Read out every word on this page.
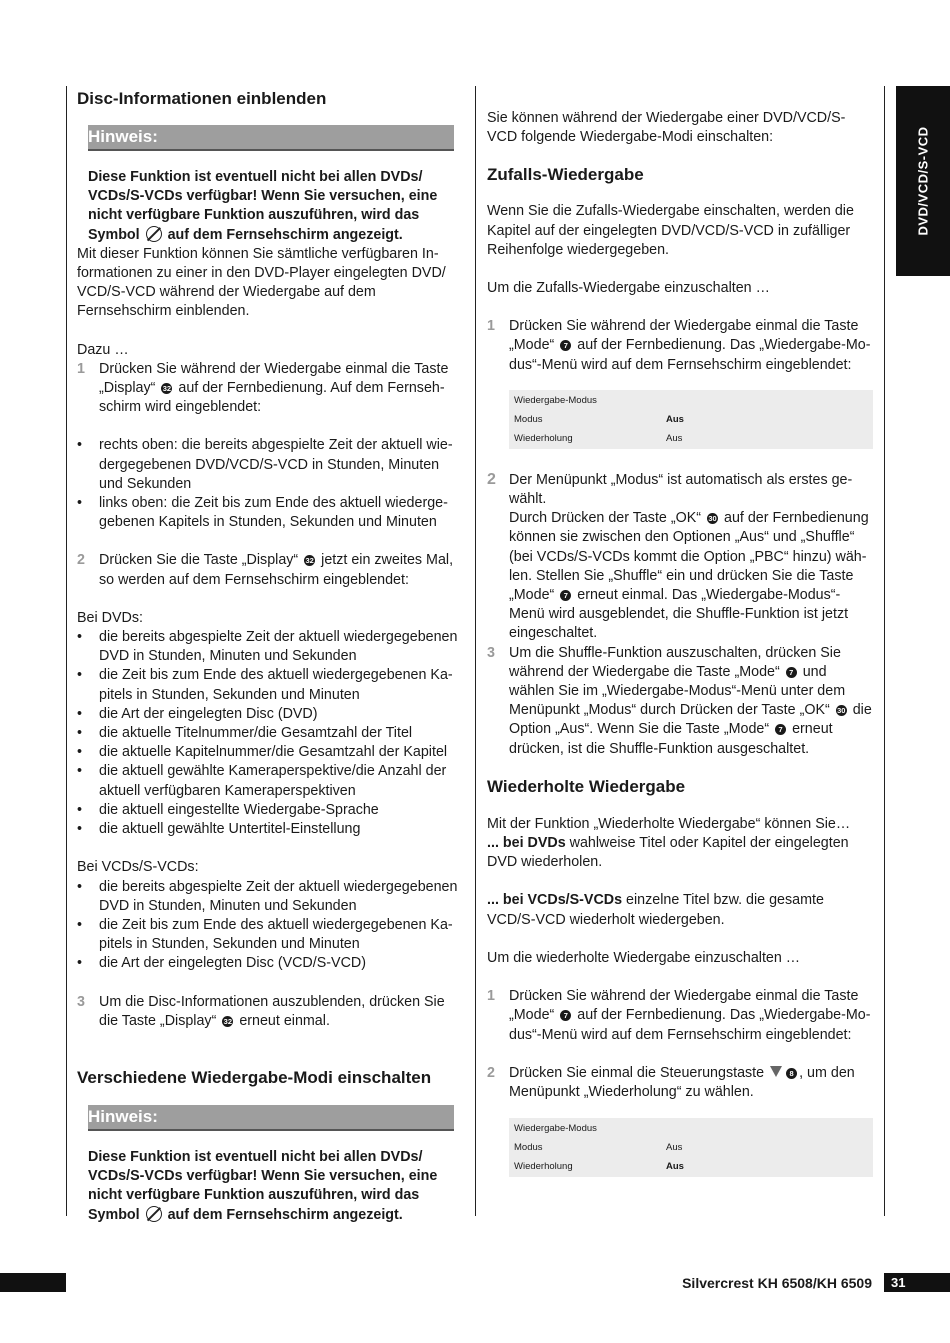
DVD/VCD/S-VCD
Disc-Informationen einblenden
Hinweis:
Diese Funktion ist eventuell nicht bei allen DVDs/ VCDs/S-VCDs verfügbar! Wenn Sie versuchen, eine nicht verfügbare Funktion auszuführen, wird das Symbol auf dem Fernsehschirm angezeigt.

Mit dieser Funktion können Sie sämtliche verfügbaren Informationen zu einer in den DVD-Player eingelegten DVD/ VCD/S-VCD während der Wiedergabe auf dem Fernsehschirm einblenden.

Dazu …

1 Drücken Sie während der Wiedergabe einmal die Taste „Display“ 32 auf der Fernbedienung. Auf dem Fernsehschirm wird eingeblendet:

• rechts oben: die bereits abgespielte Zeit der aktuell wiedergegebenen DVD/VCD/S-VCD in Stunden, Minuten und Sekunden

• links oben: die Zeit bis zum Ende des aktuell wiedergegebenen Kapitels in Stunden, Sekunden und Minuten

2 Drücken Sie die Taste „Display“ 32 jetzt ein zweites Mal, so werden auf dem Fernsehschirm eingeblendet:

Bei DVDs:

• die bereits abgespielte Zeit der aktuell wiedergegebenen DVD in Stunden, Minuten und Sekunden

• die Zeit bis zum Ende des aktuell wiedergegebenen Kapitels in Stunden, Sekunden und Minuten

• die Art der eingelegten Disc (DVD)

• die aktuelle Titelnummer/die Gesamtzahl der Titel

• die aktuelle Kapitelnummer/die Gesamtzahl der Kapitel

• die aktuell gewählte Kameraperspektive/die Anzahl der aktuell verfügbaren Kameraperspektiven

• die aktuell eingestellte Wiedergabe-Sprache

• die aktuell gewählte Untertitel-Einstellung

Bei VCDs/S-VCDs:

• die bereits abgespielte Zeit der aktuell wiedergegebenen DVD in Stunden, Minuten und Sekunden

• die Zeit bis zum Ende des aktuell wiedergegebenen Kapitels in Stunden, Sekunden und Minuten

• die Art der eingelegten Disc (VCD/S-VCD)

3 Um die Disc-Informationen auszublenden, drücken Sie die Taste „Display“ 32 erneut einmal.

Verschiedene Wiedergabe-Modi einschalten
Hinweis:
Diese Funktion ist eventuell nicht bei allen DVDs/ VCDs/S-VCDs verfügbar! Wenn Sie versuchen, eine nicht verfügbare Funktion auszuführen, wird das Symbol auf dem Fernsehschirm angezeigt.

Sie können während der Wiedergabe einer DVD/VCD/S-VCD folgende Wiedergabe-Modi einschalten:

Zufalls-Wiedergabe

Wenn Sie die Zufalls-Wiedergabe einschalten, werden die Kapitel auf der eingelegten DVD/VCD/S-VCD in zufälliger Reihenfolge wiedergegeben.

Um die Zufalls-Wiedergabe einzuschalten …

1 Drücken Sie während der Wiedergabe einmal die Taste „Mode“ 7 auf der Fernbedienung. Das „Wiedergabe-Modus“-Menü wird auf dem Fernsehschirm eingeblendet:

Wiedergabe-Modus
Modus	Aus
Wiederholung	Aus
2 Der Menüpunkt „Modus“ ist automatisch als erstes gewählt.

Durch Drücken der Taste „OK“ 30 auf der Fernbedienung können sie zwischen den Optionen „Aus“ und „Shuffle“ (bei VCDs/S-VCDs kommt die Option „PBC“ hinzu) wählen. Stellen Sie „Shuffle“ ein und drücken Sie die Taste „Mode“ 7 erneut einmal. Das „Wiedergabe-Modus“-Menü wird ausgeblendet, die Shuffle-Funktion ist jetzt eingeschaltet.

3 Um die Shuffle-Funktion auszuschalten, drücken Sie während der Wiedergabe die Taste „Mode“ 7 und wählen Sie im „Wiedergabe-Modus“-Menü unter dem Menüpunkt „Modus“ durch Drücken der Taste „OK“ 30 die Option „Aus“. Wenn Sie die Taste „Mode“ 7 erneut drücken, ist die Shuffle-Funktion ausgeschaltet.

Wiederholte Wiedergabe

Mit der Funktion „Wiederholte Wiedergabe“ können Sie…

... bei DVDs wahlweise Titel oder Kapitel der eingelegten DVD wiederholen.

... bei VCDs/S-VCDs einzelne Titel bzw. die gesamte VCD/S-VCD wiederholt wiedergeben.

Um die wiederholte Wiedergabe einzuschalten …

1 Drücken Sie während der Wiedergabe einmal die Taste „Mode“ 7 auf der Fernbedienung. Das „Wiedergabe-Modus“-Menü wird auf dem Fernsehschirm eingeblendet:

2 Drücken Sie einmal die Steuerungstaste	8 , um den Menüpunkt „Wiederholung“ zu wählen.

Wiedergabe-Modus
Modus	Aus
Wiederholung	Aus
Silvercrest KH 6508/KH 6509	31
